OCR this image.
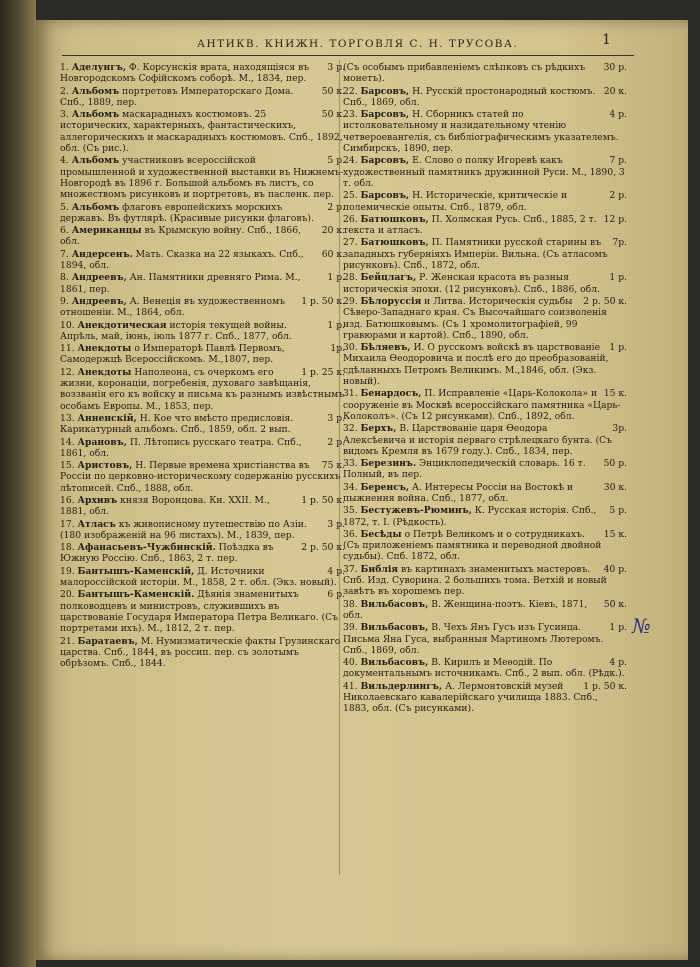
АНТИКВ. КНИЖН. ТОРГОВЛЯ С. Н. ТРУСОВА.	1
№
3 р.
1. Аделунгъ, Ф. Корсунскія врата, находящіяся въ Новгородскомъ Софійскомъ соборѣ. М., 1834, пер.
50 к.
2. Альбомъ портретовъ Императорскаго Дома. Спб., 1889, пер.
50 к.
3. Альбомъ маскарадныхъ костюмовъ. 25 исторических, характерныхъ, фантастическихъ, аллегорическихъ и маскарадныхъ костюмовъ. Спб., 1892, обл. (Съ рис.).
5 р.
4. Альбомъ участниковъ всероссійской промышленной и художественной выставки въ Нижнемъ-Новгородѣ въ 1896 г. Большой альбомъ въ листъ, со множествомъ рисунковъ и портретовъ, въ пасленк. пер.
2 р.
5. Альбомъ флаговъ европейскихъ морскихъ державъ. Въ футлярѣ. (Красивые рисунки флаговъ).
20 к.
6. Американцы въ Крымскую войну. Спб., 1866, обл.
60 к.
7. Андерсенъ. Мать. Сказка на 22 языкахъ. Спб., 1894, обл.
1 р.
8. Андреевъ, Ан. Памятники древняго Рима. М., 1861, пер.
1 р. 50 к.
9. Андреевъ, А. Венеція въ художественномъ отношеніи. М., 1864, обл.
1 р.
10. Анекдотическая исторія текущей войны. Апрѣль, май, іюнь, іюль 1877 г. Спб., 1877, обл.
1р.
11. Анекдоты о Императорѣ Павлѣ Первомъ, Самодержцѣ Всероссійскомъ. М.,1807, пер.
1 р. 25 к.
12. Анекдоты Наполеона, съ очеркомъ его жизни, коронаціи, погребенія, духоваго завѣщанія, воззванія его къ войску и письма къ разнымъ извѣстнымъ особамъ Европы. М., 1853, пер.
3 р.
13. Анненскій, Н. Кое что вмѣсто предисловія. Карикатурный альбомъ. Спб., 1859, обл. 2 вып.
2 р.
14. Арановъ, П. Лѣтопись русскаго театра. Спб., 1861, обл.
75 к.
15. Аристовъ, Н. Первые времена христіанства въ Россіи по церковно-историческому содержанію русскихъ лѣтописей. Спб., 1888, обл.
1 р. 50 к.
16. Архивъ князя Воронцова. Кн. XXII. М., 1881, обл.
3 р.
17. Атласъ къ живописному путешествію по Азіи. (180 изображеній на 96 листахъ). М., 1839, пер.
2 р. 50 к.
18. Афанасьевъ-Чужбинскій. Поѣздка въ Южную Россію. Спб., 1863, 2 т. пер.
4 р.
19. Бантышъ-Каменскій, Д. Источники малороссійской исторіи. М., 1858, 2 т. обл. (Экз. новый).
6 р.
20. Бантышъ-Каменскій. Дѣянія знаменитыхъ полководцевъ и министровъ, служившихъ въ царствованіе Государя Императора Петра Великаго. (Съ портретами ихъ). М., 1812, 2 т. пер.
21. Баратаевъ, М. Нумизматическіе факты Грузинскаго царства. Спб., 1844, въ россип. пер. съ золотымъ обрѣзомъ. Спб., 1844.
30 р.
(Съ особымъ прибавленіемъ слѣпковъ съ рѣдкихъ монетъ).
20 к.
22. Барсовъ, Н. Русскій простонародный костюмъ. Спб., 1869, обл.
4 р.
23. Барсовъ, Н. Сборникъ статей по истолковательному и назидательному чтенію четвероевангелія, съ библіографическимъ указателемъ. Симбирскъ, 1890, пер.
7 р.
24. Барсовъ, Е. Слово о полку Игоревѣ какъ художественный памятникъ дружинной Руси. М., 1890, 3 т. обл.
2 р.
25. Барсовъ, Н. Историческіе, критическіе и полемическіе опыты. Спб., 1879, обл.
12 р.
26. Батюшковъ, П. Холмская Русь. Спб., 1885, 2 т. текста и атласъ.
7р.
27. Батюшковъ, П. Памятники русской старины въ западныхъ губерніяхъ Имперіи. Вильна. (Съ атласомъ рисунковъ). Спб., 1872, обл.
1 р.
28. Бейцлагъ, Р. Женская красота въ разныя историческія эпохи. (12 рисунковъ). Спб., 1886, обл.
2 р. 50 к.
29. Бѣлоруссія и Литва. Историческія судьбы Сѣверо-Западнаго края. Съ Высочайшаго соизволенія изд. Батюшковымъ. (Съ 1 хромолитографіей, 99 гравюрами и картой). Спб., 1890, обл.
1 р.
30. Бѣляевъ, И. О русскомъ войскѣ въ царствованіе Михаила Ѳеодоровича и послѣ его до преобразованій, сдѣланныхъ Петромъ Великимъ. М.,1846, обл. (Экз. новый).
15 к.
31. Бенардосъ, П. Исправленіе «Царь-Колокола» и сооруженіе въ Москвѣ всероссійскаго памятника «Царь-Колоколъ». (Съ 12 рисунками). Спб., 1892, обл.
3р.
32. Берхъ, В. Царствованіе царя Ѳеодора Алексѣевича и исторія перваго стрѣлецкаго бунта. (Съ видомъ Кремля въ 1679 году.). Спб., 1834, пер.
50 р.
33. Березинъ. Энциклопедическій словарь. 16 т. Полный, въ пер.
30 к.
34. Беренсъ, А. Интересы Россіи на Востокѣ и пыжнення война. Спб., 1877, обл.
5 р.
35. Бестужевъ-Рюминъ, К. Русская исторія. Спб., 1872, т. I. (Рѣдкость).
15 к.
36. Бесѣды о Петрѣ Великомъ и о сотрудникахъ. (Съ приложеніемъ памятника и переводной двойной судьбы). Спб. 1872, обл.
40 р.
37. Библія въ картинахъ знаменитыхъ мастеровъ. Спб. Изд. Суворина. 2 большихъ тома. Ветхій и новый завѣтъ въ хорошемъ пер.
50 к.
38. Вильбасовъ, В. Женщина-поэтъ. Кіевъ, 1871, обл.
1 р.
39. Вильбасовъ, В. Чехъ Янъ Гусъ изъ Гусинца. Письма Яна Гуса, выбранныя Мартиномъ Лютеромъ. Спб., 1869, обл.
4 р.
40. Вильбасовъ, В. Кирилъ и Меѳодій. По документальнымъ источникамъ. Спб., 2 вып. обл. (Рѣдк.).
1 р. 50 к.
41. Вильдерлингъ, А. Лермонтовскій музей Николаевскаго кавалерійскаго училища 1883. Спб., 1883, обл. (Съ рисунками).
